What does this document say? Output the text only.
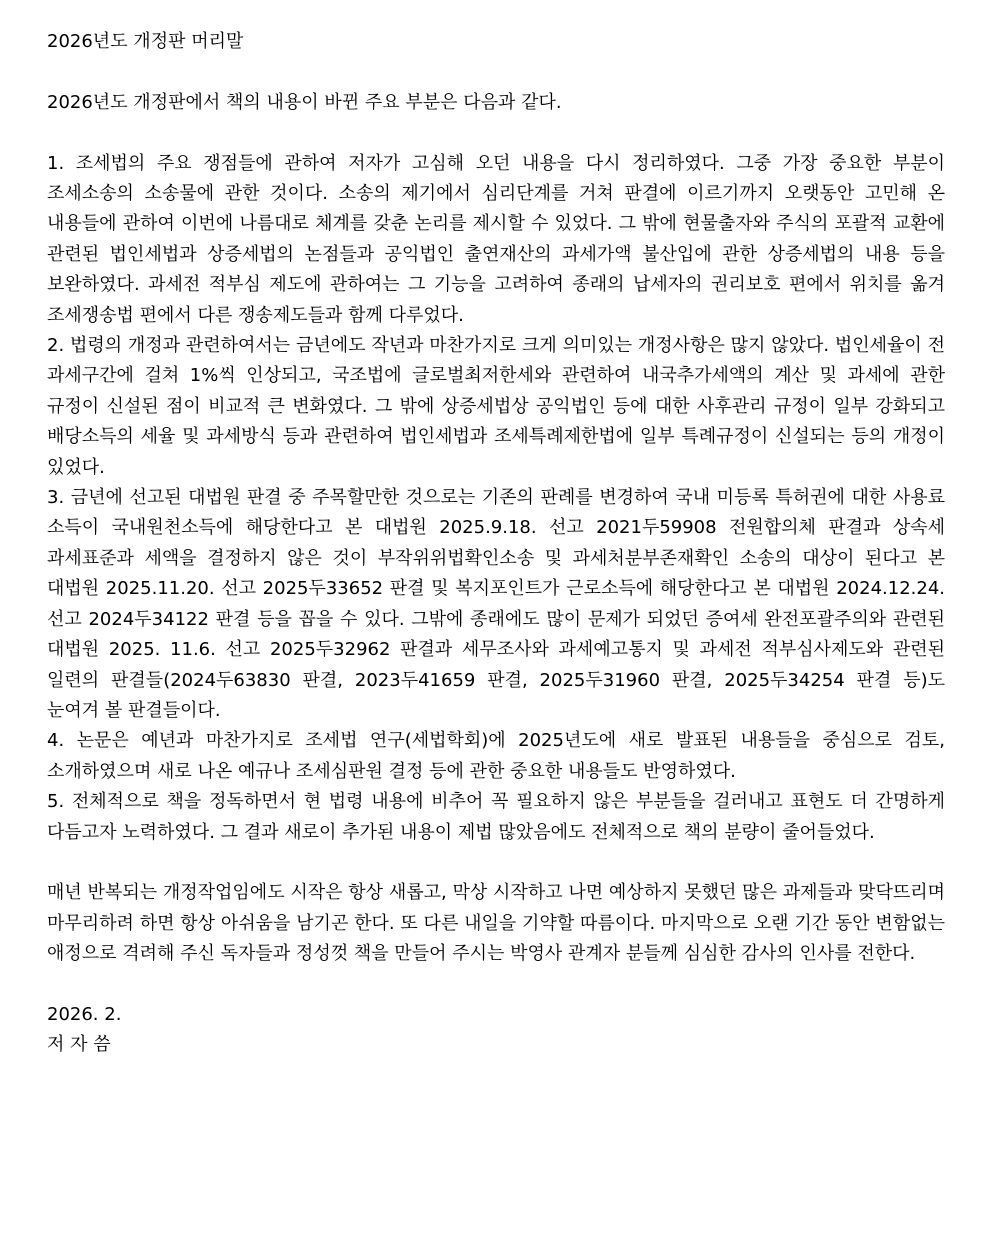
2026년도 개정판 머리말

2026년도 개정판에서 책의 내용이 바뀐 주요 부분은 다음과 같다.

1. 조세법의 주요 쟁점들에 관하여 저자가 고심해 오던 내용을 다시 정리하였다. 그중 가장 중요한 부분이 조세소송의 소송물에 관한 것이다. 소송의 제기에서 심리단계를 거쳐 판결에 이르기까지 오랫동안 고민해 온 내용들에 관하여 이번에 나름대로 체계를 갖춘 논리를 제시할 수 있었다. 그 밖에 현물출자와 주식의 포괄적 교환에 관련된 법인세법과 상증세법의 논점들과 공익법인 출연재산의 과세가액 불산입에 관한 상증세법의 내용 등을 보완하였다. 과세전 적부심 제도에 관하여는 그 기능을 고려하여 종래의 납세자의 권리보호 편에서 위치를 옮겨 조세쟁송법 편에서 다른 쟁송제도들과 함께 다루었다.

2. 법령의 개정과 관련하여서는 금년에도 작년과 마찬가지로 크게 의미있는 개정사항은 많지 않았다. 법인세율이 전 과세구간에 걸쳐 1%씩 인상되고, 국조법에 글로벌최저한세와 관련하여 내국추가세액의 계산 및 과세에 관한 규정이 신설된 점이 비교적 큰 변화였다. 그 밖에 상증세법상 공익법인 등에 대한 사후관리 규정이 일부 강화되고 배당소득의 세율 및 과세방식 등과 관련하여 법인세법과 조세특례제한법에 일부 특례규정이 신설되는 등의 개정이 있었다.

3. 금년에 선고된 대법원 판결 중 주목할만한 것으로는 기존의 판례를 변경하여 국내 미등록 특허권에 대한 사용료 소득이 국내원천소득에 해당한다고 본 대법원 2025.9.18. 선고 2021두59908 전원합의체 판결과 상속세 과세표준과 세액을 결정하지 않은 것이 부작위위법확인소송 및 과세처분부존재확인 소송의 대상이 된다고 본 대법원 2025.11.20. 선고 2025두33652 판결 및 복지포인트가 근로소득에 해당한다고 본 대법원 2024.12.24. 선고 2024두34122 판결 등을 꼽을 수 있다. 그밖에 종래에도 많이 문제가 되었던 증여세 완전포괄주의와 관련된 대법원 2025. 11.6. 선고 2025두32962 판결과 세무조사와 과세예고통지 및 과세전 적부심사제도와 관련된 일련의 판결들(2024두63830 판결, 2023두41659 판결, 2025두31960 판결, 2025두34254 판결 등)도 눈여겨 볼 판결들이다.

4. 논문은 예년과 마찬가지로 조세법 연구(세법학회)에 2025년도에 새로 발표된 내용들을 중심으로 검토, 소개하였으며 새로 나온 예규나 조세심판원 결정 등에 관한 중요한 내용들도 반영하였다.

5. 전체적으로 책을 정독하면서 현 법령 내용에 비추어 꼭 필요하지 않은 부분들을 걸러내고 표현도 더 간명하게 다듬고자 노력하였다. 그 결과 새로이 추가된 내용이 제법 많았음에도 전체적으로 책의 분량이 줄어들었다.

매년 반복되는 개정작업임에도 시작은 항상 새롭고, 막상 시작하고 나면 예상하지 못했던 많은 과제들과 맞닥뜨리며 마무리하려 하면 항상 아쉬움을 남기곤 한다. 또 다른 내일을 기약할 따름이다. 마지막으로 오랜 기간 동안 변함없는 애정으로 격려해 주신 독자들과 정성껏 책을 만들어 주시는 박영사 관계자 분들께 심심한 감사의 인사를 전한다.

2026. 2.

저 자 씀
